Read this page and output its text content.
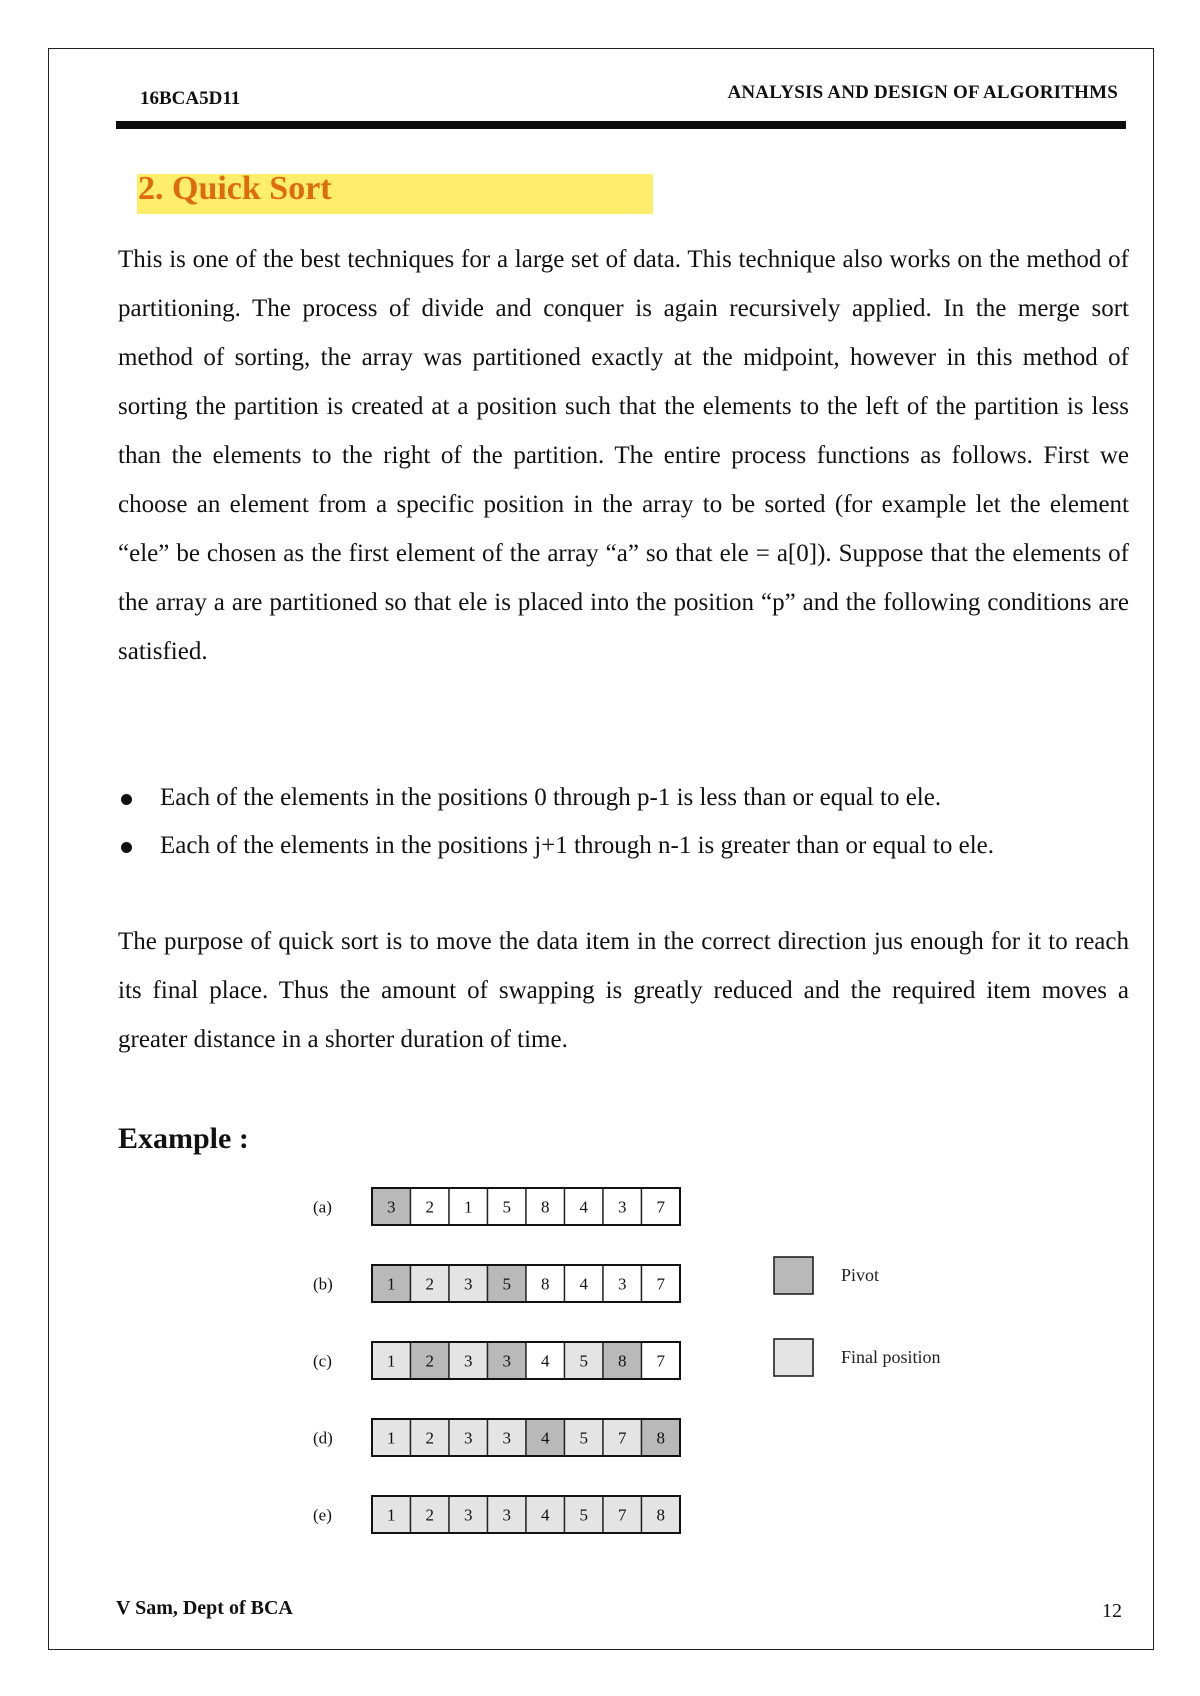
16BCA5D11	ANALYSIS AND DESIGN OF ALGORITHMS
2. Quick Sort

This is one of the best techniques for a large set of data. This technique also works on the method of partitioning. The process of divide and conquer is again recursively applied. In the merge sort method of sorting, the array was partitioned exactly at the midpoint, however in this method of sorting the partition is created at a position such that the elements to the left of the partition is less than the elements to the right of the partition. The entire process functions as follows. First we choose an element from a specific position in the array to be sorted (for example let the element “ele” be chosen as the first element of the array “a” so that ele = a[0]). Suppose that the elements of the array a are partitioned so that ele is placed into the position “p” and the following conditions are satisfied.

Each of the elements in the positions 0 through p-1 is less than or equal to ele.
Each of the elements in the positions j+1 through n-1 is greater than or equal to ele.

The purpose of quick sort is to move the data item in the correct direction jus enough for it to reach its final place. Thus the amount of swapping is greatly reduced and the required item moves a greater distance in a shorter duration of time.

Example :
(a)	3 2 1 5 8 4 3 7
(b)	1 2 3 5 8 4 3 7
(c)	1 2 3 3 4 5 8 7
(d)	1 2 3 3 4 5 7 8
(e)	1 2 3 3 4 5 7 8
Pivot
Final position
V Sam, Dept of BCA	12
